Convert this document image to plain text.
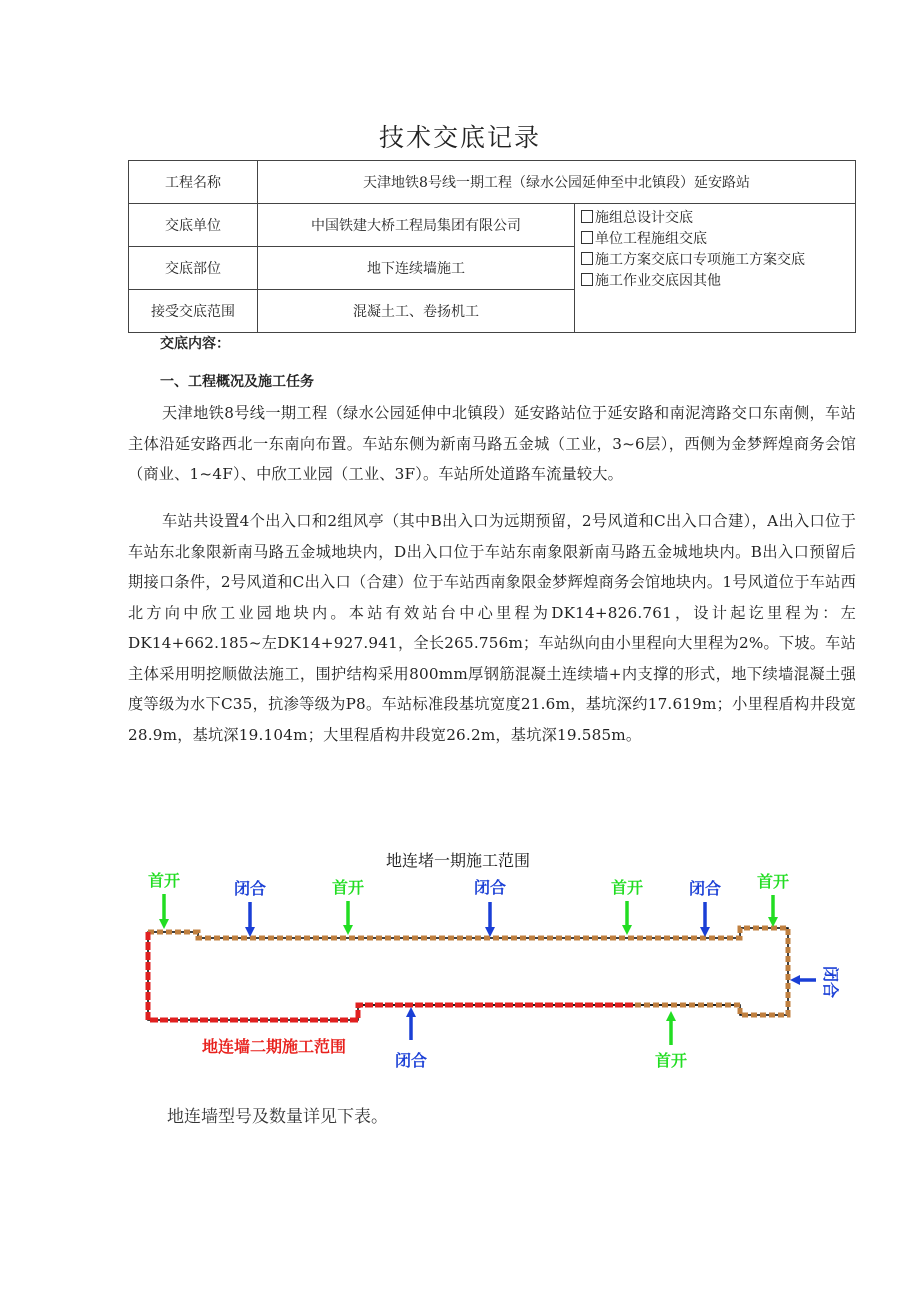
技术交底记录
工程名称	天津地铁8号线一期工程（绿水公园延伸至中北镇段）延安路站	
交底单位	中国铁建大桥工程局集团有限公司	施组总设计交底
单位工程施组交底
施工方案交底口专项施工方案交底
施工作业交底因其他

交底部位	地下连续墙施工	
接受交底范围	混凝土工、卷扬机工	
交底内容：
一、工程概况及施工任务
天津地铁8号线一期工程（绿水公园延伸中北镇段）延安路站位于延安路和南泥湾路交口东南侧，车站主体沿延安路西北一东南向布置。车站东侧为新南马路五金城（工业，3~6层），西侧为金梦辉煌商务会馆（商业、1~4F）、中欣工业园（工业、3F）。车站所处道路车流量较大。
车站共设置4个出入口和2组风亭（其中B出入口为远期预留，2号风道和C出入口合建），A出入口位于车站东北象限新南马路五金城地块内，D出入口位于车站东南象限新南马路五金城地块内。B出入口预留后期接口条件，2号风道和C出入口（合建）位于车站西南象限金梦辉煌商务会馆地块内。1号风道位于车站西北方向中欣工业园地块内。本站有效站台中心里程为DK14+826.761，设计起讫里程为：左DK14+662.185~左DK14+927.941，全长265.756m；车站纵向由小里程向大里程为2%。下坡。车站主体采用明挖顺做法施工，围护结构采用800mm厚钢筋混凝土连续墙+内支撑的形式，地下续墙混凝土强度等级为水下C35，抗渗等级为P8。车站标准段基坑宽度21.6m，基坑深约17.619m；小里程盾构井段宽28.9m，基坑深19.104m；大里程盾构井段宽26.2m，基坑深19.585m。
地连堵一期施工范围
首开	首开	首开	首开
首开
闭合	闭合	闭合
闭合
闭合
地连墙二期施工范围
地连墙型号及数量详见下表。
